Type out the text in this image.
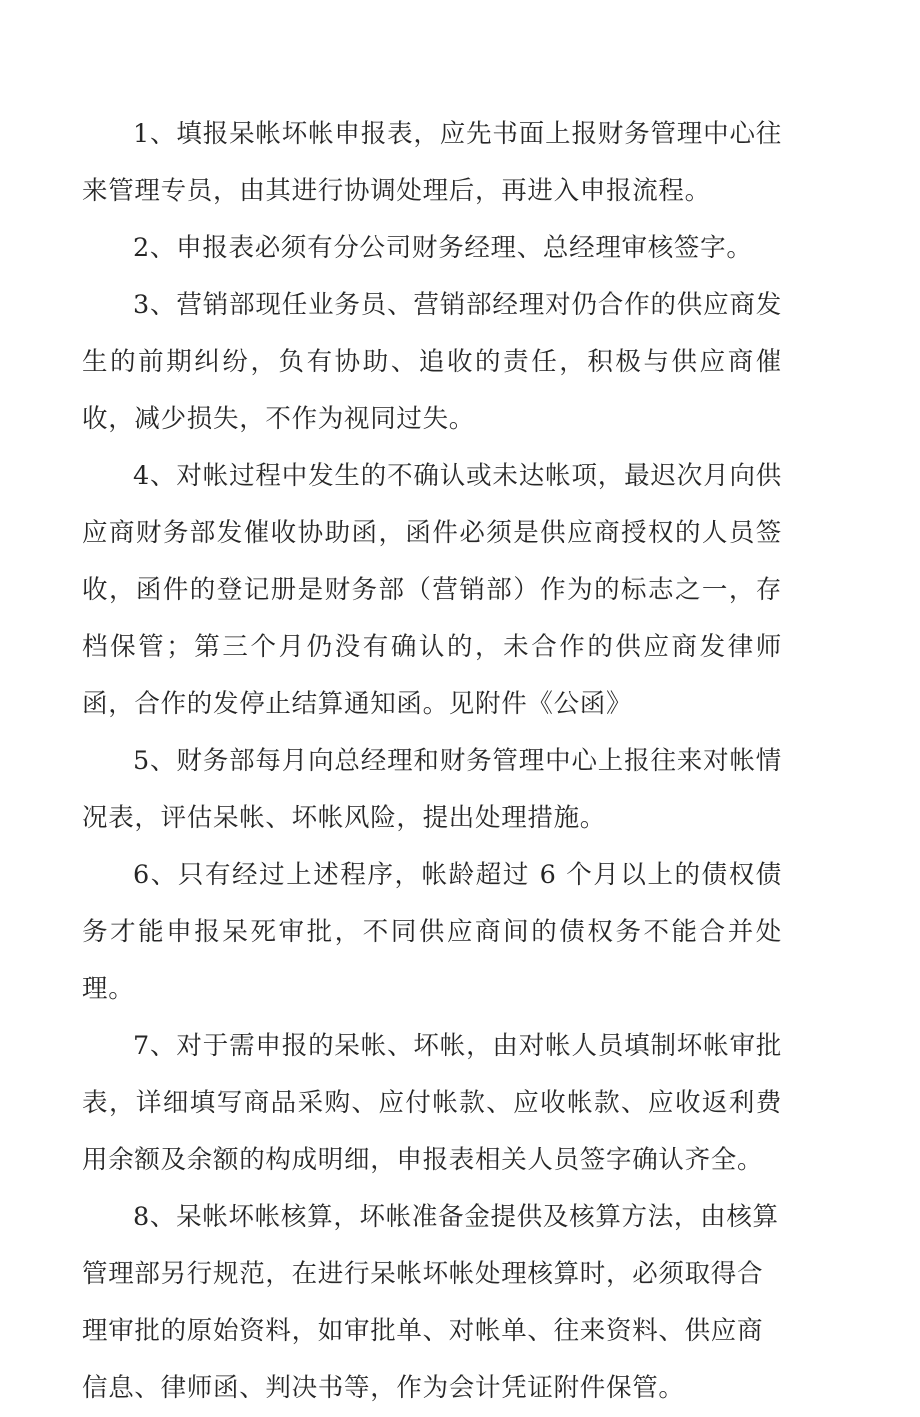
1、填报呆帐坏帐申报表，应先书面上报财务管理中心往来管理专员，由其进行协调处理后，再进入申报流程。

2、申报表必须有分公司财务经理、总经理审核签字。

3、营销部现任业务员、营销部经理对仍合作的供应商发生的前期纠纷，负有协助、追收的责任，积极与供应商催收，减少损失，不作为视同过失。

4、对帐过程中发生的不确认或未达帐项，最迟次月向供应商财务部发催收协助函，函件必须是供应商授权的人员签收，函件的登记册是财务部（营销部）作为的标志之一，存档保管；第三个月仍没有确认的，未合作的供应商发律师函，合作的发停止结算通知函。见附件《公函》

5、财务部每月向总经理和财务管理中心上报往来对帐情况表，评估呆帐、坏帐风险，提出处理措施。

6、只有经过上述程序，帐龄超过 6 个月以上的债权债务才能申报呆死审批，不同供应商间的债权务不能合并处理。

7、对于需申报的呆帐、坏帐，由对帐人员填制坏帐审批表，详细填写商品采购、应付帐款、应收帐款、应收返利费用余额及余额的构成明细，申报表相关人员签字确认齐全。

8、呆帐坏帐核算，坏帐准备金提供及核算方法，由核算管理部另行规范，在进行呆帐坏帐处理核算时，必须取得合理审批的原始资料，如审批单、对帐单、往来资料、供应商信息、律师函、判决书等，作为会计凭证附件保管。
